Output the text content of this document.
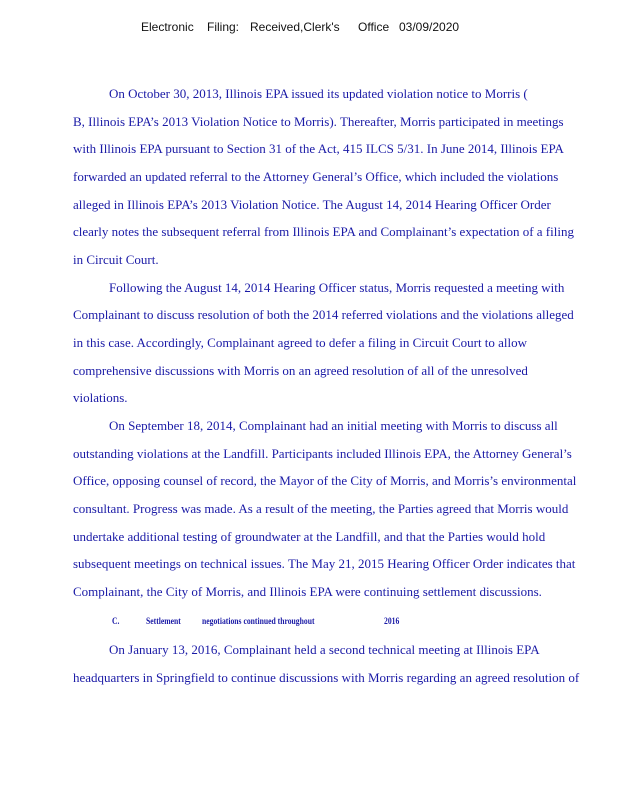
Electronic Filing: Received,Clerk's Office 03/09/2020
On October 30, 2013, Illinois EPA issued its updated violation notice to Morris (
B, Illinois EPA’s 2013 Violation Notice to Morris). Thereafter, Morris participated in meetings
with Illinois EPA pursuant to Section 31 of the Act, 415 ILCS 5/31. In June 2014, Illinois EPA
forwarded an updated referral to the Attorney General’s Office, which included the violations
alleged in Illinois EPA’s 2013 Violation Notice. The August 14, 2014 Hearing Officer Order
clearly notes the subsequent referral from Illinois EPA and Complainant’s expectation of a filing
in Circuit Court.
Following the August 14, 2014 Hearing Officer status, Morris requested a meeting with
Complainant to discuss resolution of both the 2014 referred violations and the violations alleged
in this case. Accordingly, Complainant agreed to defer a filing in Circuit Court to allow
comprehensive discussions with Morris on an agreed resolution of all of the unresolved
violations.
On September 18, 2014, Complainant had an initial meeting with Morris to discuss all
outstanding violations at the Landfill. Participants included Illinois EPA, the Attorney General’s
Office, opposing counsel of record, the Mayor of the City of Morris, and Morris’s environmental
consultant. Progress was made. As a result of the meeting, the Parties agreed that Morris would
undertake additional testing of groundwater at the Landfill, and that the Parties would hold
subsequent meetings on technical issues. The May 21, 2015 Hearing Officer Order indicates that
Complainant, the City of Morris, and Illinois EPA were continuing settlement discussions.
C.	Settlement negotiations continued throughout	2016
On January 13, 2016, Complainant held a second technical meeting at Illinois EPA
headquarters in Springfield to continue discussions with Morris regarding an agreed resolution of
